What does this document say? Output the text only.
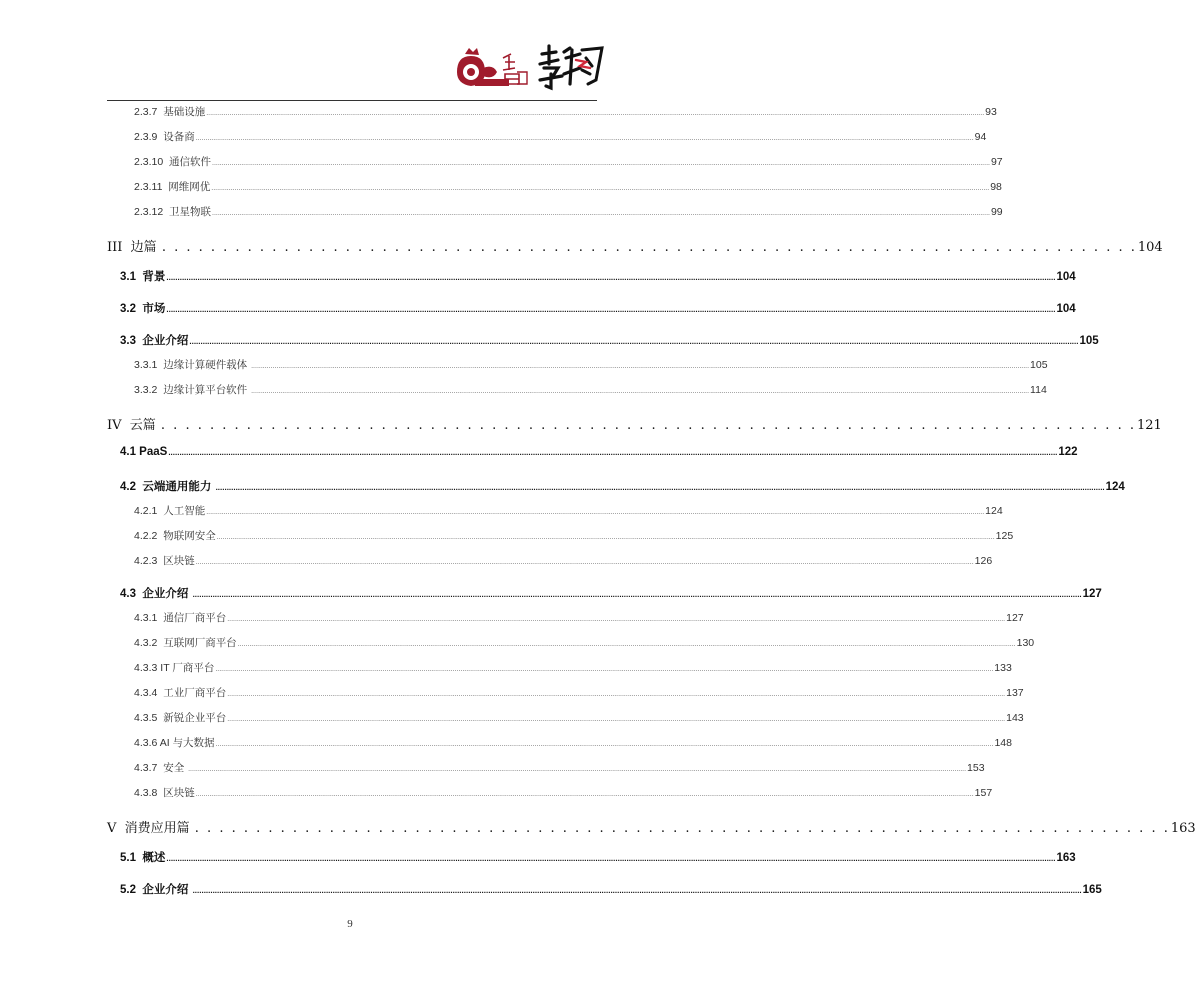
2.3.7  基础设施 ................................................................................................................................................................................................................................................................................................................................................................................................................ 93
2.3.9  设备商 ................................................................................................................................................................................................................................................................................................................................................................................................................ 94
2.3.10  通信软件 ................................................................................................................................................................................................................................................................................................................................................................................................................ 97
2.3.11  网维网优 ................................................................................................................................................................................................................................................................................................................................................................................................................ 98
2.3.12  卫星物联 ................................................................................................................................................................................................................................................................................................................................................................................................................ 99
III  边篇 . . . . . . . . . . . . . . . . . . . . . . . . . . . . . . . . . . . . . . . . . . . . . . . . . . . . . . . . . . . . . . . . . . . . . . . . . . . . . . . . 104
3.1  背景 ................................................................................................................................................................................................................................................................................................................................................................................................................ 104
3.2  市场 ................................................................................................................................................................................................................................................................................................................................................................................................................ 104
3.3  企业介绍 ................................................................................................................................................................................................................................................................................................................................................................................................................ 105
3.3.1  边缘计算硬件载体 ................................................................................................................................................................................................................................................................................................................................................................................................................ 105
3.3.2  边缘计算平台软件 ................................................................................................................................................................................................................................................................................................................................................................................................................ 114
IV  云篇 . . . . . . . . . . . . . . . . . . . . . . . . . . . . . . . . . . . . . . . . . . . . . . . . . . . . . . . . . . . . . . . . . . . . . . . . . . . . . . . . 121
4.1 PaaS ................................................................................................................................................................................................................................................................................................................................................................................................................ 122
4.2  云端通用能力 ................................................................................................................................................................................................................................................................................................................................................................................................................ 124
4.2.1  人工智能 ................................................................................................................................................................................................................................................................................................................................................................................................................ 124
4.2.2  物联网安全 ................................................................................................................................................................................................................................................................................................................................................................................................................ 125
4.2.3  区块链 ................................................................................................................................................................................................................................................................................................................................................................................................................ 126
4.3  企业介绍 ................................................................................................................................................................................................................................................................................................................................................................................................................ 127
4.3.1  通信厂商平台 ................................................................................................................................................................................................................................................................................................................................................................................................................ 127
4.3.2  互联网厂商平台 ................................................................................................................................................................................................................................................................................................................................................................................................................ 130
4.3.3 IT 厂商平台 ................................................................................................................................................................................................................................................................................................................................................................................................................ 133
4.3.4  工业厂商平台 ................................................................................................................................................................................................................................................................................................................................................................................................................ 137
4.3.5  新锐企业平台 ................................................................................................................................................................................................................................................................................................................................................................................................................ 143
4.3.6 AI 与大数据 ................................................................................................................................................................................................................................................................................................................................................................................................................ 148
4.3.7  安全 ................................................................................................................................................................................................................................................................................................................................................................................................................ 153
4.3.8  区块链 ................................................................................................................................................................................................................................................................................................................................................................................................................ 157
V  消费应用篇 . . . . . . . . . . . . . . . . . . . . . . . . . . . . . . . . . . . . . . . . . . . . . . . . . . . . . . . . . . . . . . . . . . . . . . . . . . . . . . . . 163
5.1  概述 ................................................................................................................................................................................................................................................................................................................................................................................................................ 163
5.2  企业介绍 ................................................................................................................................................................................................................................................................................................................................................................................................................ 165
9
